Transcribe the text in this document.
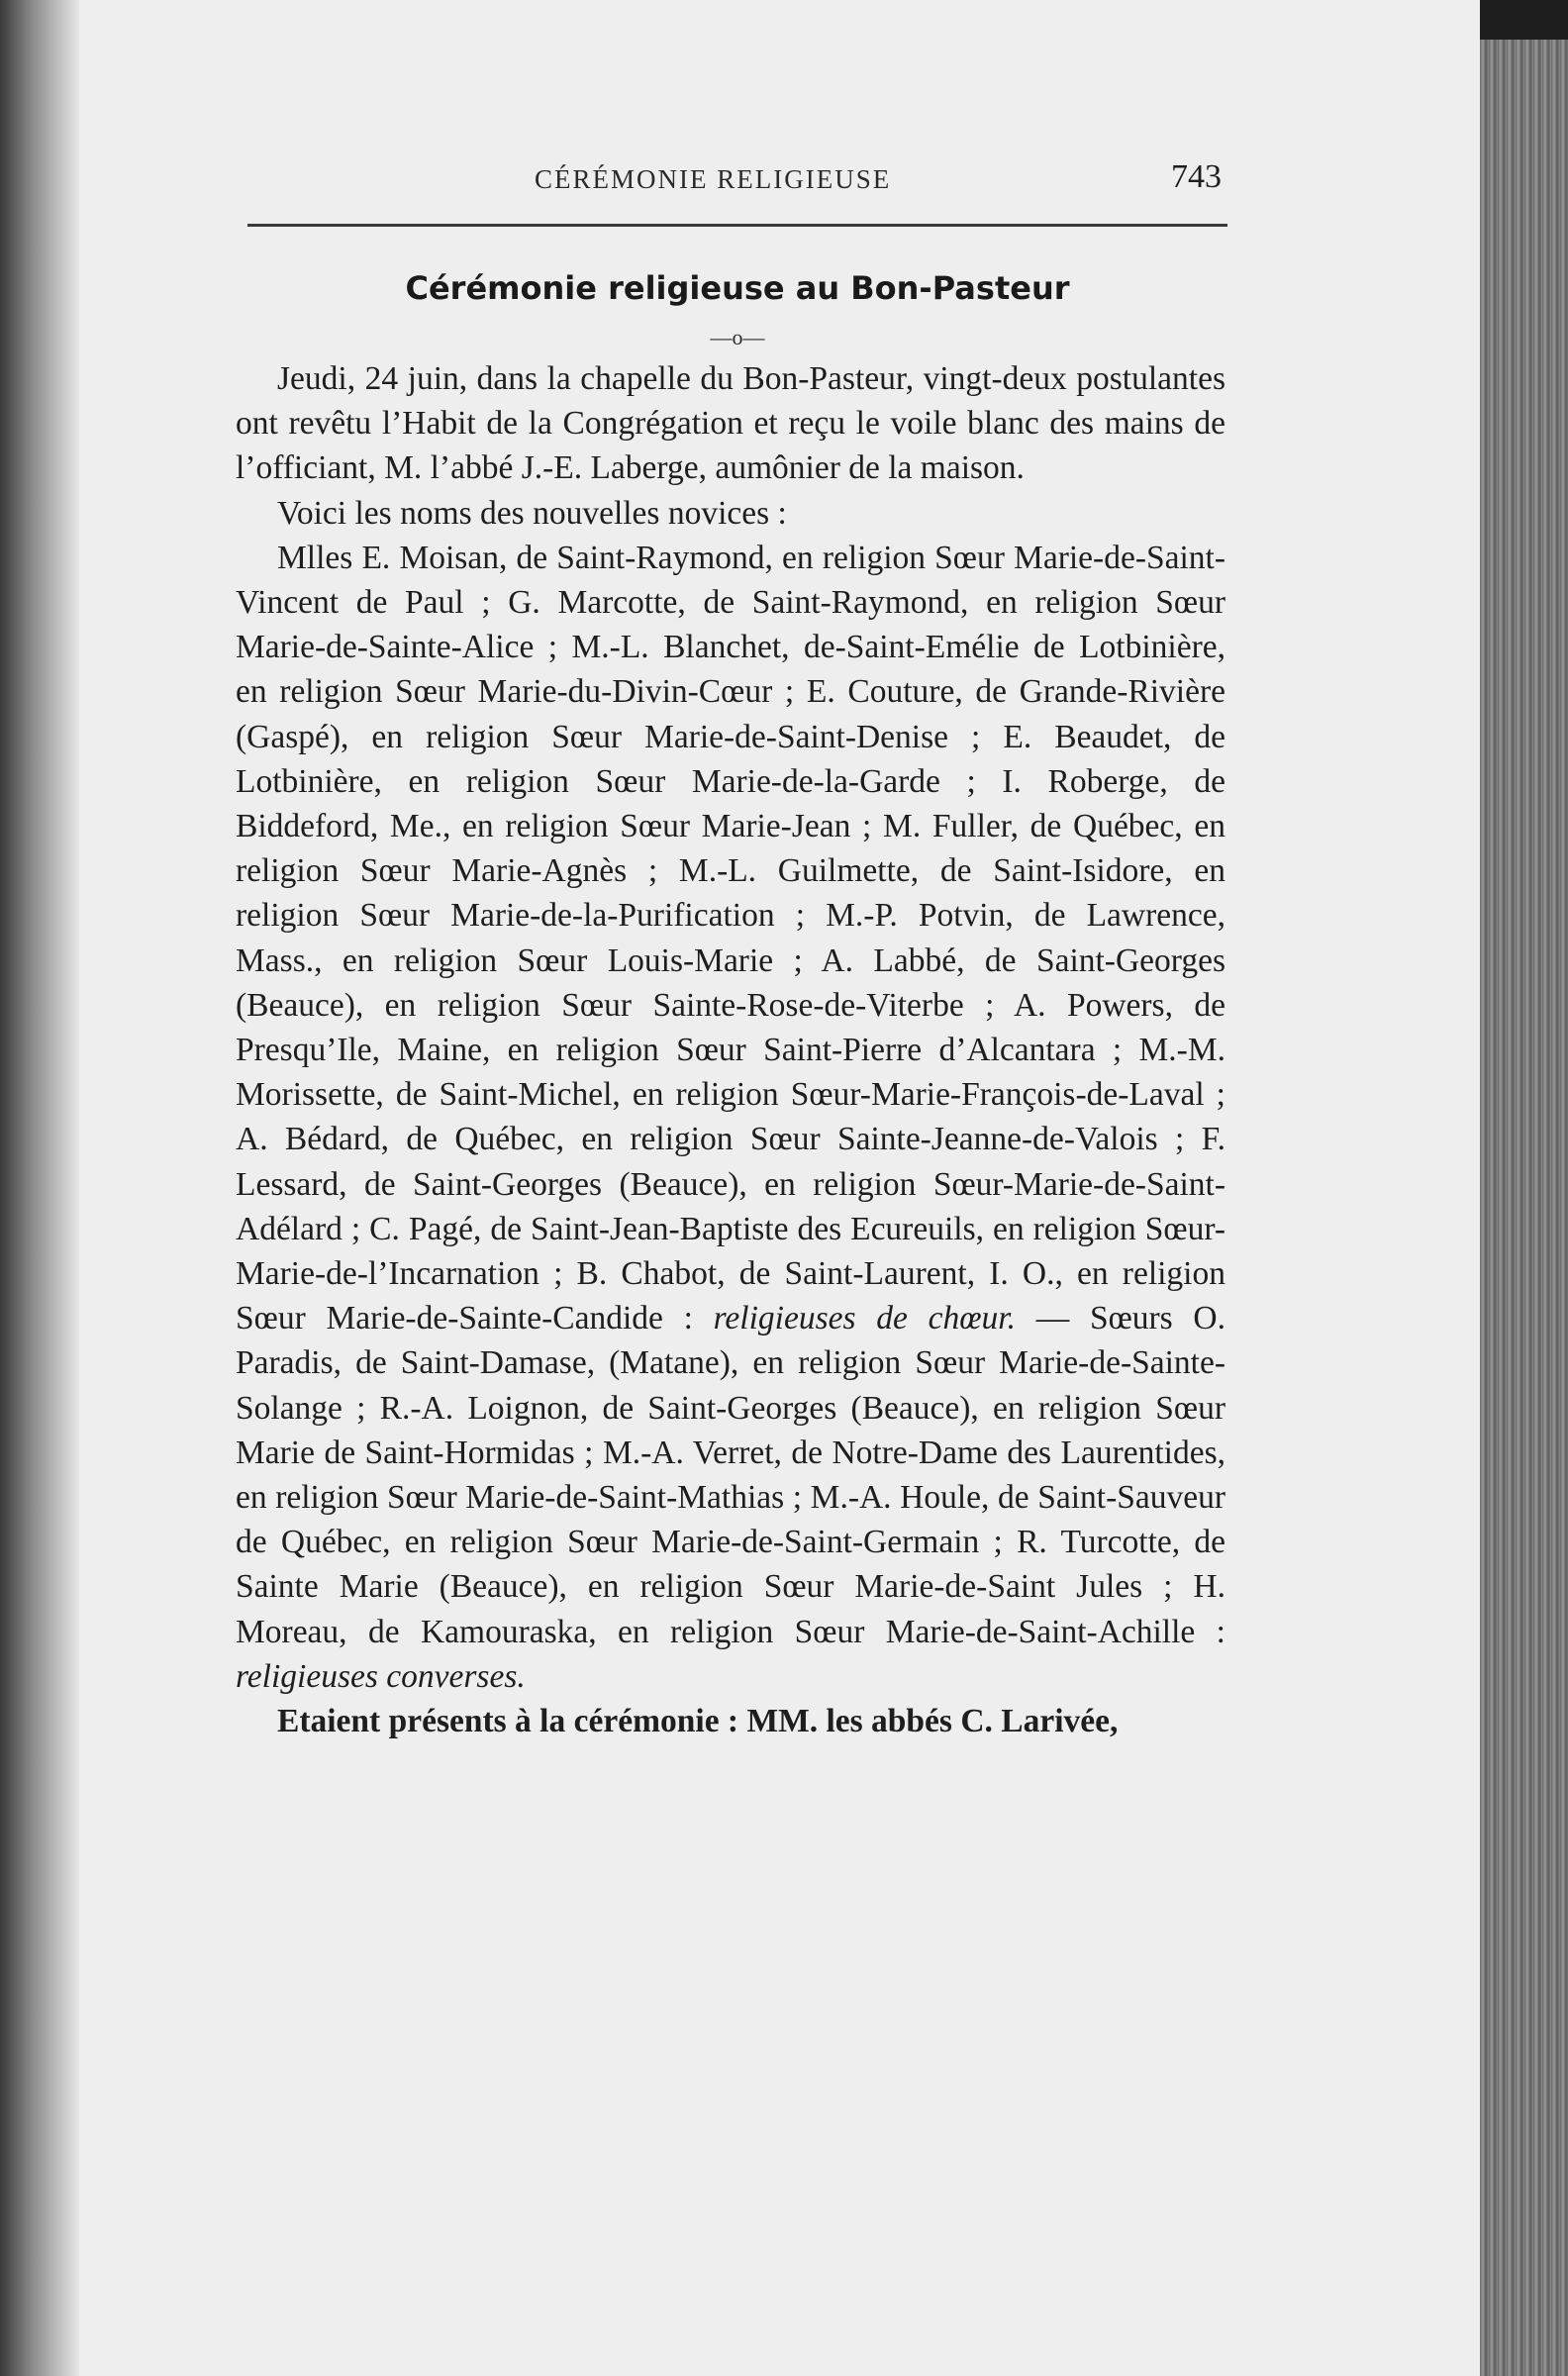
CÉRÉMONIE RELIGIEUSE	743
Cérémonie religieuse au Bon-Pasteur
—o—

Jeudi, 24 juin, dans la chapelle du Bon-Pasteur, vingt-deux postulantes ont revêtu l’Habit de la Congrégation et reçu le voile blanc des mains de l’officiant, M. l’abbé J.-E. Laberge, aumônier de la maison.

Voici les noms des nouvelles novices :

Mlles E. Moisan, de Saint-Raymond, en religion Sœur Marie-de-Saint-Vincent de Paul ; G. Marcotte, de Saint-Raymond, en religion Sœur Marie-de-Sainte-Alice ; M.-L. Blanchet, de-Saint-Emélie de Lotbinière, en religion Sœur Marie-du-Divin-Cœur ; E. Couture, de Grande-Rivière (Gaspé), en religion Sœur Marie-de-Saint-Denise ; E. Beaudet, de Lotbinière, en religion Sœur Marie-de-la-Garde ; I. Roberge, de Biddeford, Me., en religion Sœur Marie-Jean ; M. Fuller, de Québec, en religion Sœur Marie-Agnès ; M.-L. Guilmette, de Saint-Isidore, en religion Sœur Marie-de-la-Purification ; M.-P. Potvin, de Lawrence, Mass., en religion Sœur Louis-Marie ; A. Labbé, de Saint-Georges (Beauce), en religion Sœur Sainte-Rose-de-Viterbe ; A. Powers, de Presqu’Ile, Maine, en religion Sœur Saint-Pierre d’Alcantara ; M.-M. Morissette, de Saint-Michel, en religion Sœur-Marie-François-de-Laval ; A. Bédard, de Québec, en religion Sœur Sainte-Jeanne-de-Valois ; F. Lessard, de Saint-Georges (Beauce), en religion Sœur-Marie-de-Saint-Adélard ; C. Pagé, de Saint-Jean-Baptiste des Ecureuils, en religion Sœur-Marie-de-l’Incarnation ; B. Chabot, de Saint-Laurent, I. O., en religion Sœur Marie-de-Sainte-Candide : religieuses de chœur. — Sœurs O. Paradis, de Saint-Damase, (Matane), en religion Sœur Marie-de-Sainte-Solange ; R.-A. Loignon, de Saint-Georges (Beauce), en religion Sœur Marie de Saint-Hormidas ; M.-A. Verret, de Notre-Dame des Laurentides, en religion Sœur Marie-de-Saint-Mathias ; M.-A. Houle, de Saint-Sauveur de Québec, en religion Sœur Marie-de-Saint-Germain ; R. Turcotte, de Sainte Marie (Beauce), en religion Sœur Marie-de-Saint Jules ; H. Moreau, de Kamouraska, en religion Sœur Marie-de-Saint-Achille : religieuses converses.

Etaient présents à la cérémonie : MM. les abbés C. Larivée,
